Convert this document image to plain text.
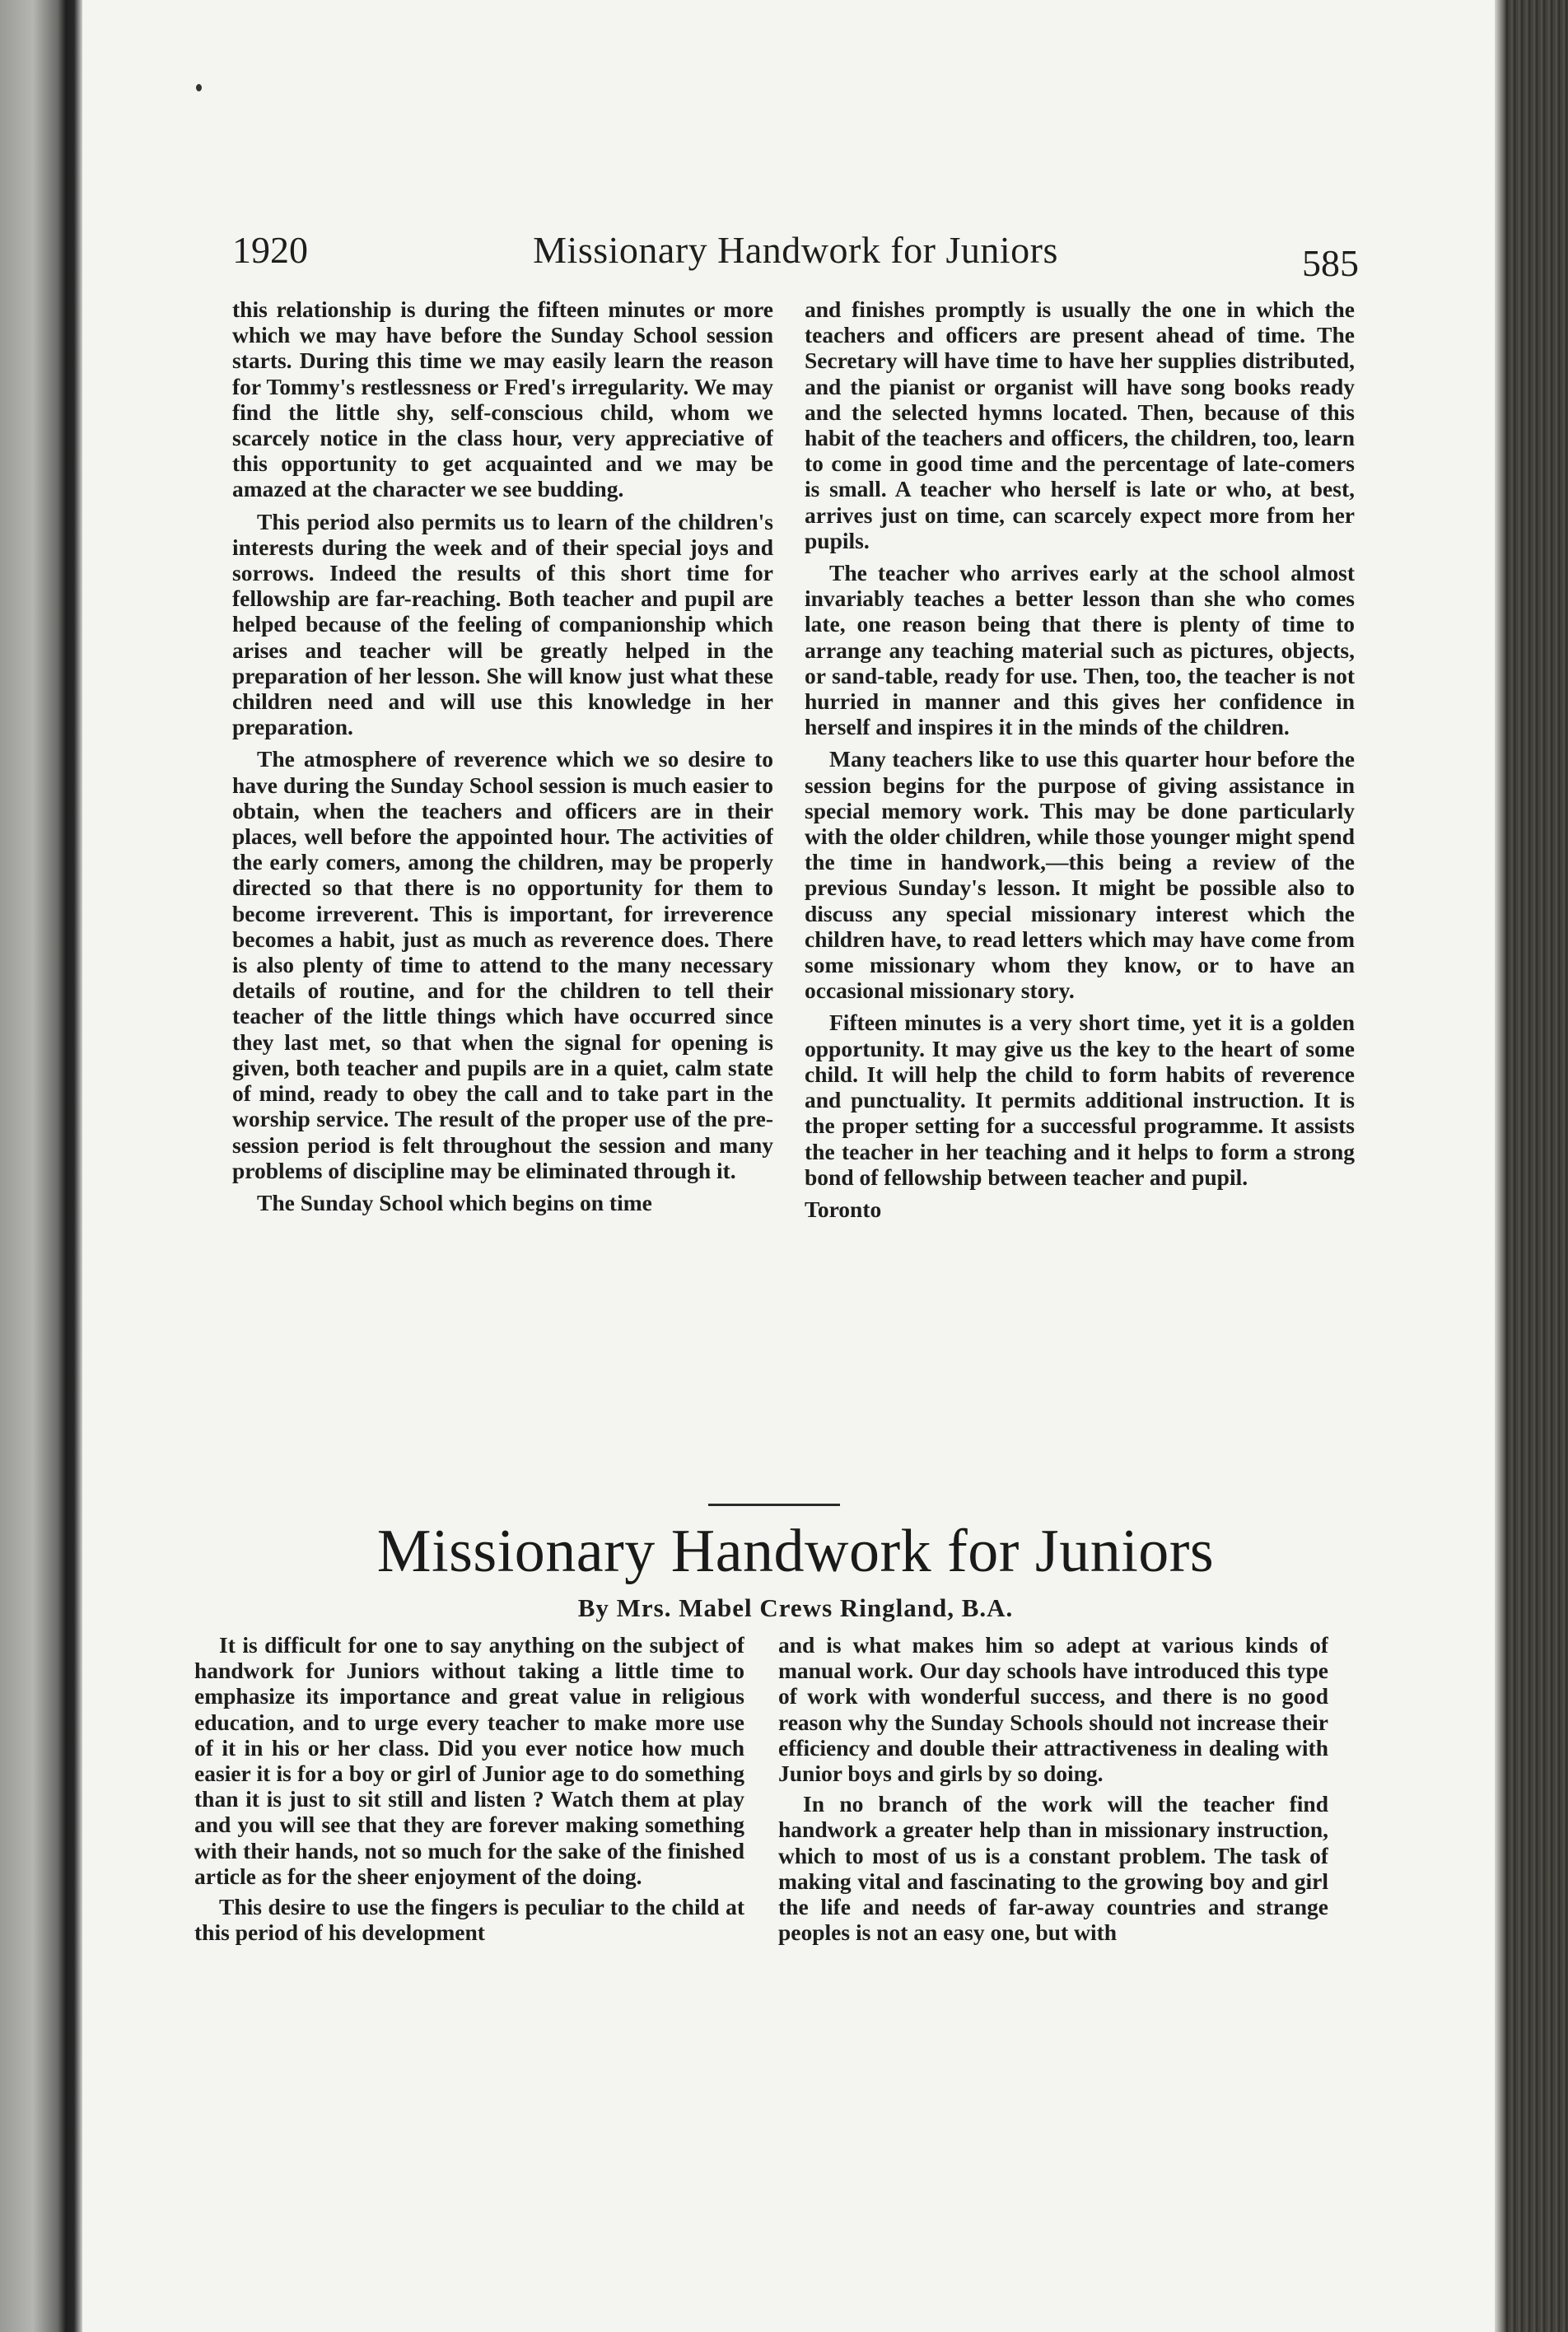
1920	Missionary Handwork for Juniors	585

this relationship is during the fifteen minutes or more which we may have before the Sunday School session starts. During this time we may easily learn the reason for Tommy's restlessness or Fred's irregularity. We may find the little shy, self-conscious child, whom we scarcely notice in the class hour, very appreciative of this opportunity to get acquainted and we may be amazed at the character we see budding.

This period also permits us to learn of the children's interests during the week and of their special joys and sorrows. Indeed the results of this short time for fellowship are far-reaching. Both teacher and pupil are helped because of the feeling of companionship which arises and teacher will be greatly helped in the preparation of her lesson. She will know just what these children need and will use this knowledge in her preparation.

The atmosphere of reverence which we so desire to have during the Sunday School session is much easier to obtain, when the teachers and officers are in their places, well before the appointed hour. The activities of the early comers, among the children, may be properly directed so that there is no opportunity for them to become irreverent. This is important, for irreverence becomes a habit, just as much as reverence does. There is also plenty of time to attend to the many necessary details of routine, and for the children to tell their teacher of the little things which have occurred since they last met, so that when the signal for opening is given, both teacher and pupils are in a quiet, calm state of mind, ready to obey the call and to take part in the worship service. The result of the proper use of the pre-session period is felt throughout the session and many problems of discipline may be eliminated through it.

The Sunday School which begins on time

and finishes promptly is usually the one in which the teachers and officers are present ahead of time. The Secretary will have time to have her supplies distributed, and the pianist or organist will have song books ready and the selected hymns located. Then, because of this habit of the teachers and officers, the children, too, learn to come in good time and the percentage of late-comers is small. A teacher who herself is late or who, at best, arrives just on time, can scarcely expect more from her pupils.

The teacher who arrives early at the school almost invariably teaches a better lesson than she who comes late, one reason being that there is plenty of time to arrange any teaching material such as pictures, objects, or sand-table, ready for use. Then, too, the teacher is not hurried in manner and this gives her confidence in herself and inspires it in the minds of the children.

Many teachers like to use this quarter hour before the session begins for the purpose of giving assistance in special memory work. This may be done particularly with the older children, while those younger might spend the time in handwork,—this being a review of the previous Sunday's lesson. It might be possible also to discuss any special missionary interest which the children have, to read letters which may have come from some missionary whom they know, or to have an occasional missionary story.

Fifteen minutes is a very short time, yet it is a golden opportunity. It may give us the key to the heart of some child. It will help the child to form habits of reverence and punctuality. It permits additional instruction. It is the proper setting for a successful programme. It assists the teacher in her teaching and it helps to form a strong bond of fellowship between teacher and pupil.

Toronto

Missionary Handwork for Juniors
By Mrs. Mabel Crews Ringland, B.A.

It is difficult for one to say anything on the subject of handwork for Juniors without taking a little time to emphasize its importance and great value in religious education, and to urge every teacher to make more use of it in his or her class. Did you ever notice how much easier it is for a boy or girl of Junior age to do something than it is just to sit still and listen ? Watch them at play and you will see that they are forever making something with their hands, not so much for the sake of the finished article as for the sheer enjoyment of the doing.

This desire to use the fingers is peculiar to the child at this period of his development

and is what makes him so adept at various kinds of manual work. Our day schools have introduced this type of work with wonderful success, and there is no good reason why the Sunday Schools should not increase their efficiency and double their attractiveness in dealing with Junior boys and girls by so doing.

In no branch of the work will the teacher find handwork a greater help than in missionary instruction, which to most of us is a constant problem. The task of making vital and fascinating to the growing boy and girl the life and needs of far-away countries and strange peoples is not an easy one, but with
